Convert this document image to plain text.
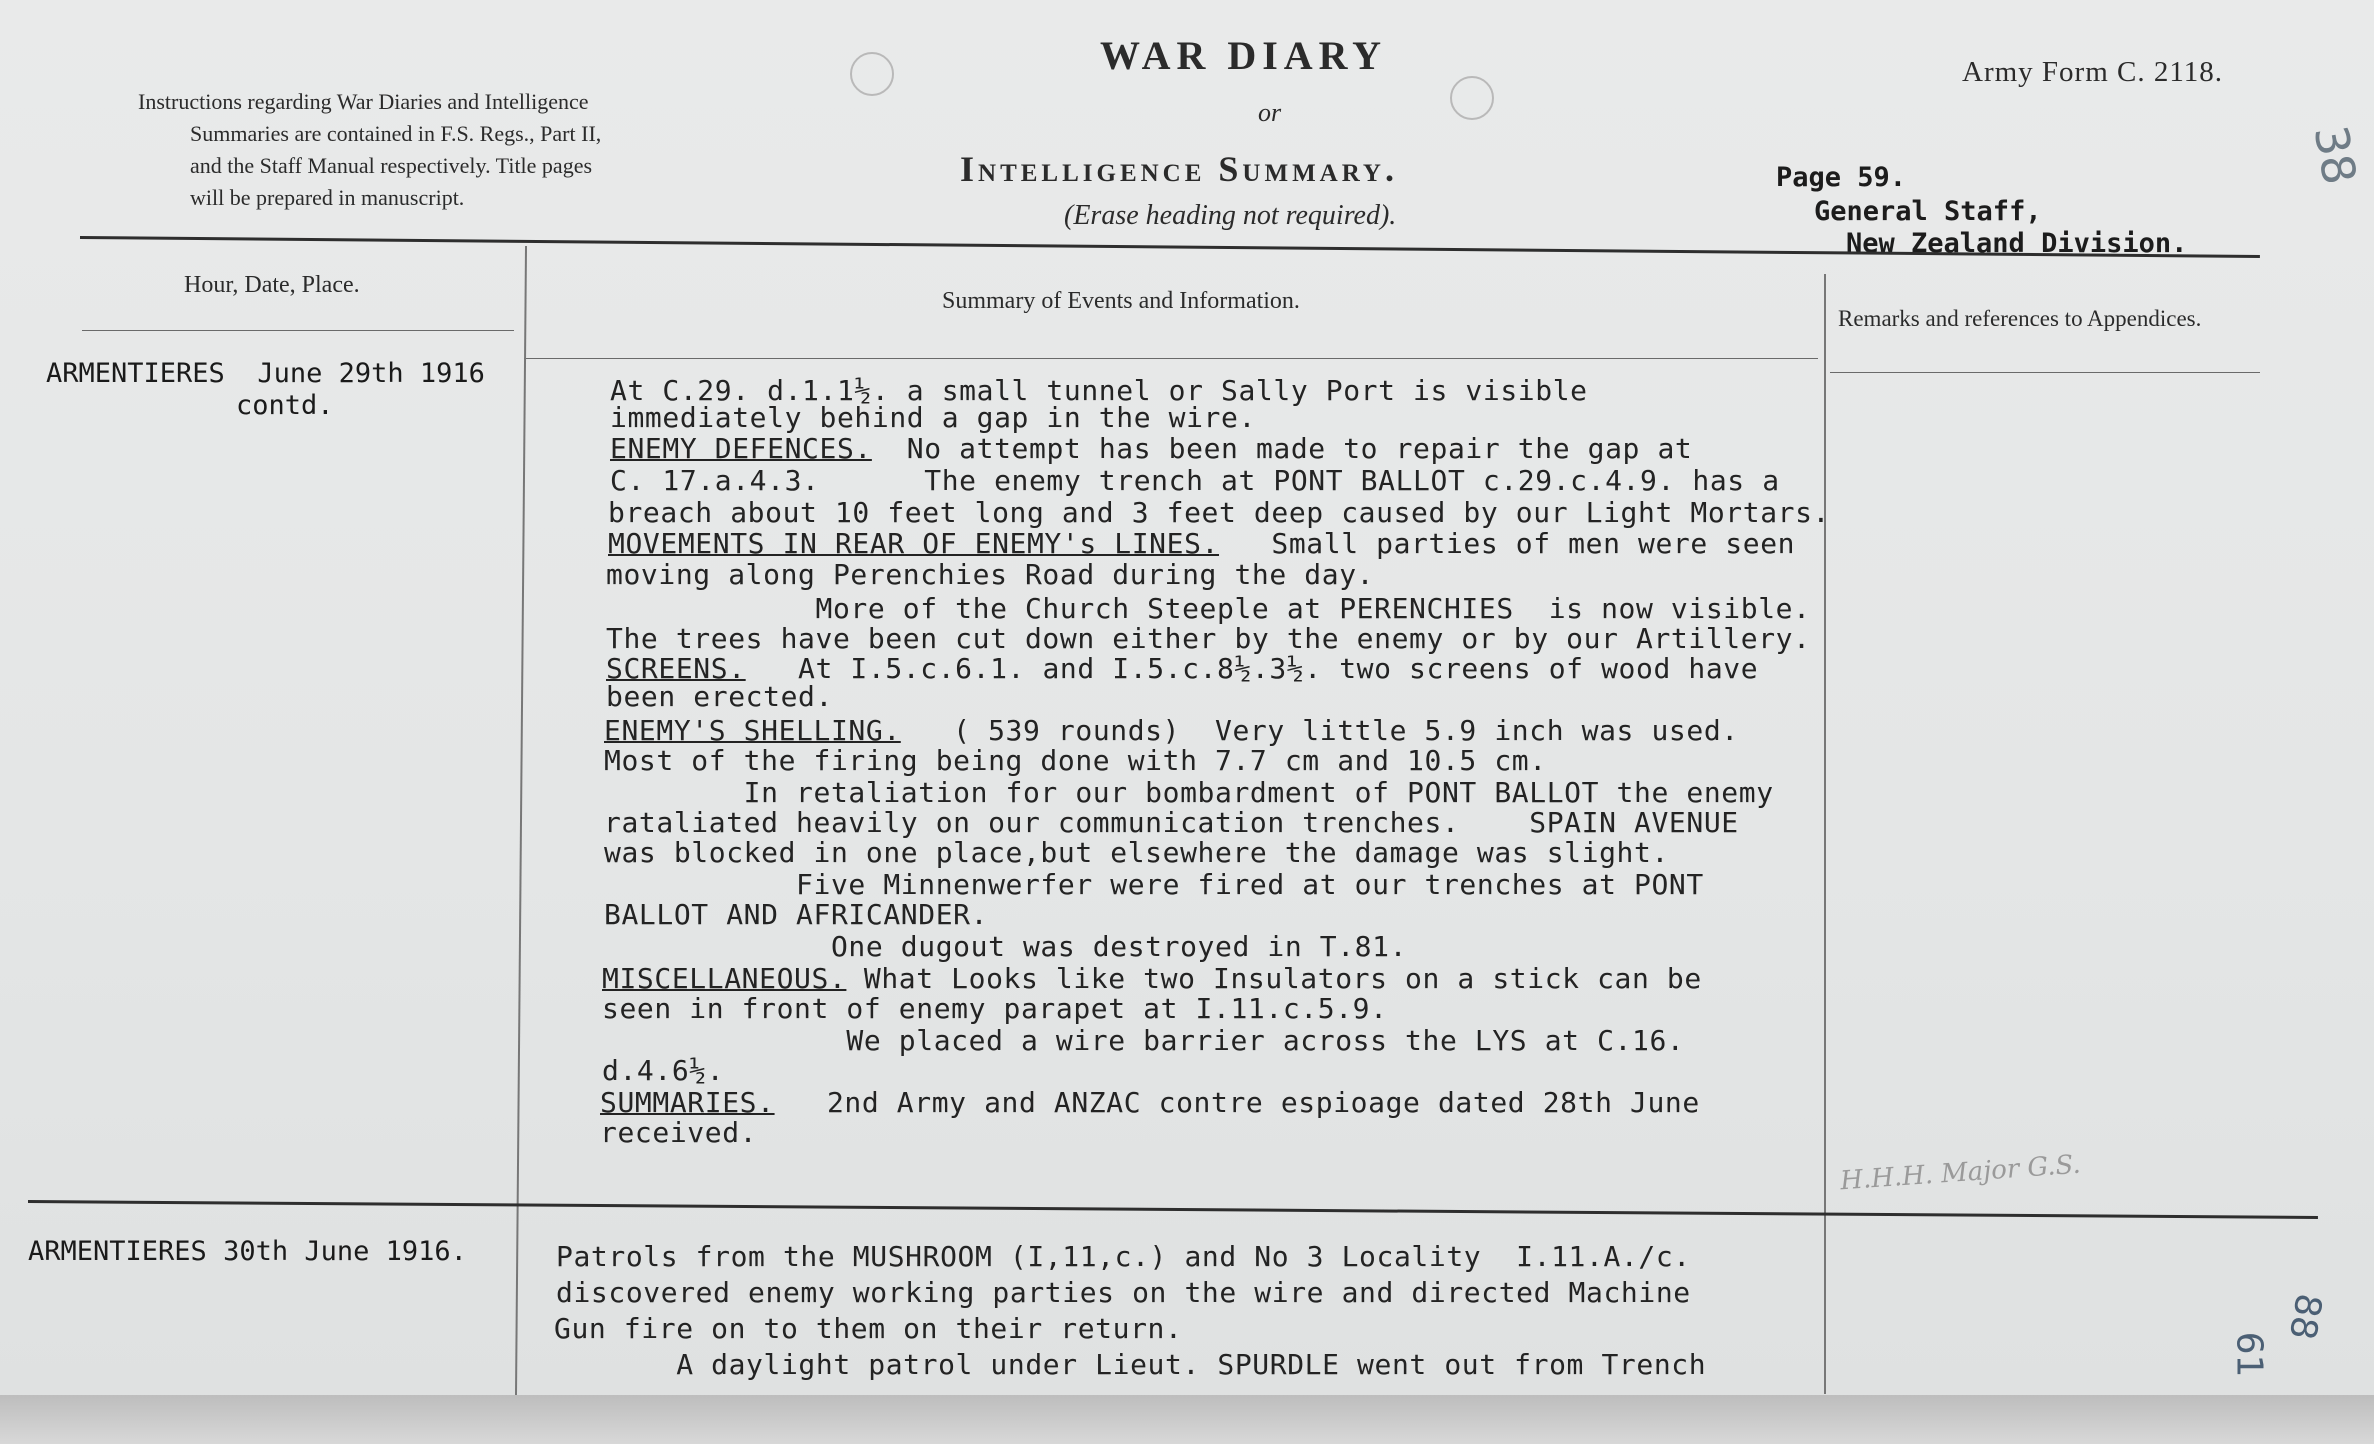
Instructions regarding War Diaries and Intelligence
Summaries are contained in F.S. Regs., Part II,
and the Staff Manual respectively. Title pages
will be prepared in manuscript.
WAR DIARY
or
Intelligence Summary.
(Erase heading not required).
Army Form C. 2118.
Page 59.
General Staff,
New Zealand Division.
38
Hour, Date, Place.
Summary of Events and Information.
Remarks and references to Appendices.
ARMENTIERES  June 29th 1916
contd.	At C.29. d.1.1½. a small tunnel or Sally Port is visible
immediately behind a gap in the wire.
ENEMY DEFENCES.  No attempt has been made to repair the gap at
C. 17.a.4.3.      The enemy trench at PONT BALLOT c.29.c.4.9. has a
breach about 10 feet long and 3 feet deep caused by our Light Mortars.
MOVEMENTS IN REAR OF ENEMY's LINES.   Small parties of men were seen
moving along Perenchies Road during the day.
More of the Church Steeple at PERENCHIES  is now visible.
The trees have been cut down either by the enemy or by our Artillery.
SCREENS.   At I.5.c.6.1. and I.5.c.8½.3½. two screens of wood have
been erected.
ENEMY'S SHELLING.   ( 539 rounds)  Very little 5.9 inch was used.
Most of the firing being done with 7.7 cm and 10.5 cm.
In retaliation for our bombardment of PONT BALLOT the enemy
rataliated heavily on our communication trenches.    SPAIN AVENUE
was blocked in one place,but elsewhere the damage was slight.
Five Minnenwerfer were fired at our trenches at PONT
BALLOT AND AFRICANDER.
One dugout was destroyed in T.81.
MISCELLANEOUS. What Looks like two Insulators on a stick can be
seen in front of enemy parapet at I.11.c.5.9.
We placed a wire barrier across the LYS at C.16.
d.4.6½.
SUMMARIES.   2nd Army and ANZAC contre espioage dated 28th June
received.
H.H.H. Major G.S.
ARMENTIERES 30th June 1916.	Patrols from the MUSHROOM (I,11,c.) and No 3 Locality  I.11.A./c.
discovered enemy working parties on the wire and directed Machine
Gun fire on to them on their return.
A daylight patrol under Lieut. SPURDLE went out from Trench	61
88
